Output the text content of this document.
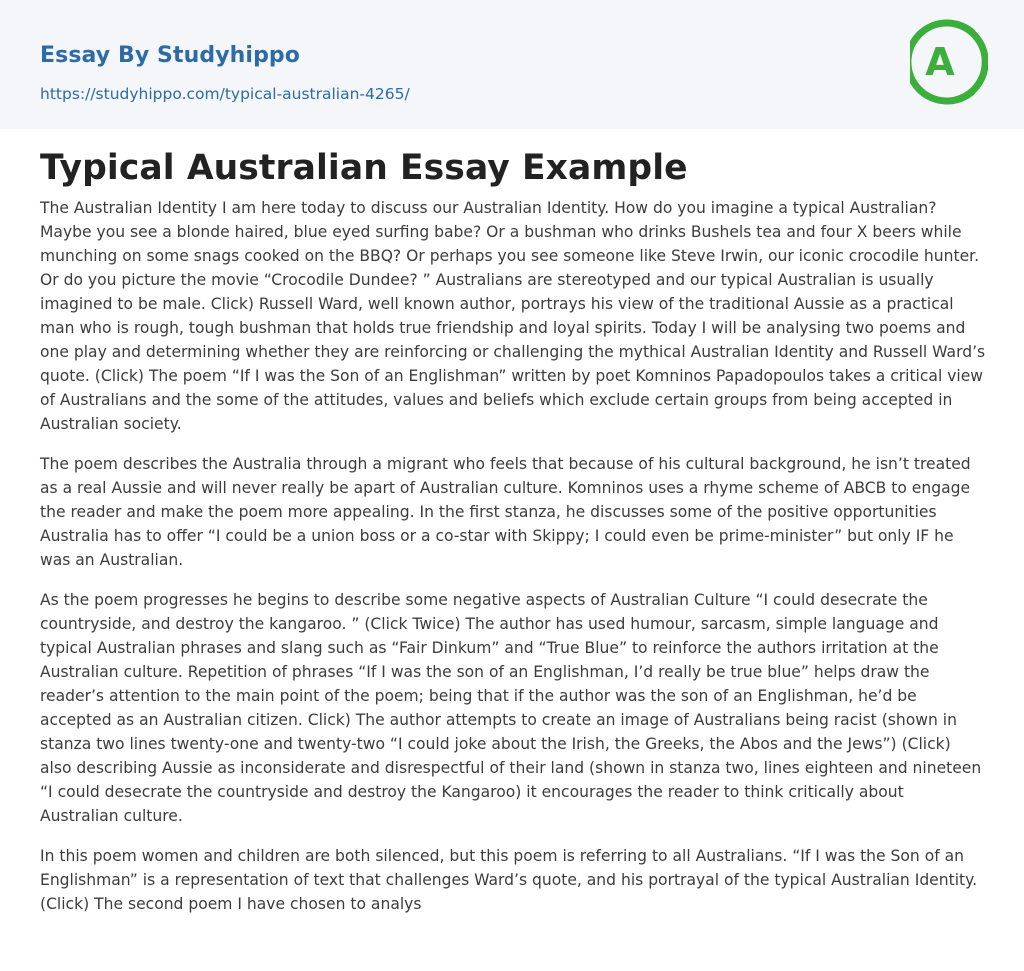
Essay By Studyhippo
https://studyhippo.com/typical-australian-4265/
A
Typical Australian Essay Example

The Australian Identity I am here today to discuss our Australian Identity. How do you imagine a typical Australian? Maybe you see a blonde haired, blue eyed surfing babe? Or a bushman who drinks Bushels tea and four X beers while munching on some snags cooked on the BBQ? Or perhaps you see someone like Steve Irwin, our iconic crocodile hunter. Or do you picture the movie “Crocodile Dundee? ” Australians are stereotyped and our typical Australian is usually imagined to be male. Click) Russell Ward, well known author, portrays his view of the traditional Aussie as a practical man who is rough, tough bushman that holds true friendship and loyal spirits. Today I will be analysing two poems and one play and determining whether they are reinforcing or challenging the mythical Australian Identity and Russell Ward’s quote. (Click) The poem “If I was the Son of an Englishman” written by poet Komninos Papadopoulos takes a critical view of Australians and the some of the attitudes, values and beliefs which exclude certain groups from being accepted in Australian society.

The poem describes the Australia through a migrant who feels that because of his cultural background, he isn’t treated as a real Aussie and will never really be apart of Australian culture. Komninos uses a rhyme scheme of ABCB to engage the reader and make the poem more appealing. In the first stanza, he discusses some of the positive opportunities Australia has to offer “I could be a union boss or a co-star with Skippy; I could even be prime-minister” but only IF he was an Australian.

As the poem progresses he begins to describe some negative aspects of Australian Culture “I could desecrate the countryside, and destroy the kangaroo. ” (Click Twice) The author has used humour, sarcasm, simple language and typical Australian phrases and slang such as “Fair Dinkum” and “True Blue” to reinforce the authors irritation at the Australian culture. Repetition of phrases “If I was the son of an Englishman, I’d really be true blue” helps draw the reader’s attention to the main point of the poem; being that if the author was the son of an Englishman, he’d be accepted as an Australian citizen. Click) The author attempts to create an image of Australians being racist (shown in stanza two lines twenty-one and twenty-two “I could joke about the Irish, the Greeks, the Abos and the Jews”) (Click) also describing Aussie as inconsiderate and disrespectful of their land (shown in stanza two, lines eighteen and nineteen “I could desecrate the countryside and destroy the Kangaroo) it encourages the reader to think critically about Australian culture.

In this poem women and children are both silenced, but this poem is referring to all Australians. “If I was the Son of an Englishman” is a representation of text that challenges Ward’s quote, and his portrayal of the typical Australian Identity. (Click) The second poem I have chosen to analys
